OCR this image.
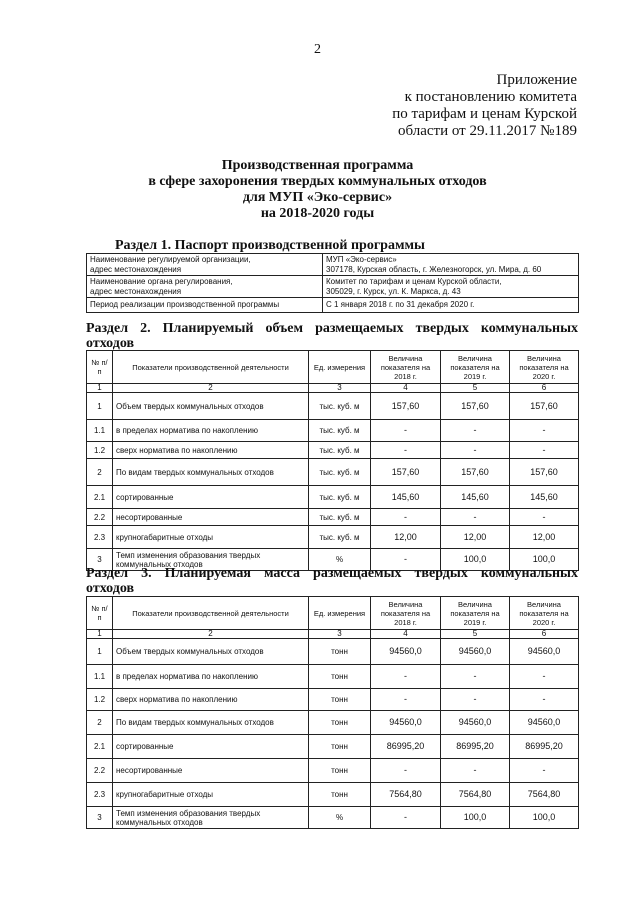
2
Приложение
к постановлению комитета
по тарифам и ценам Курской
области от 29.11.2017 №189
Производственная программа
в сфере захоронения твердых коммунальных отходов
для МУП «Эко-сервис»
на 2018-2020 годы
Раздел 1. Паспорт производственной программы
Наименование регулируемой организации,
адрес местонахождения	МУП «Эко-сервис»
307178, Курская область, г. Железногорск, ул. Мира, д. 60
Наименование органа регулирования,
адрес местонахождения	Комитет по тарифам и ценам Курской области,
305029, г. Курск, ул. К. Маркса, д. 43
Период реализации производственной программы	С 1 января 2018 г. по 31 декабря 2020 г.
Раздел 2. Планируемый объем размещаемых твердых коммунальных
отходов
№ п/п	Показатели производственной деятельности	Ед. измерения	Величина показателя на 2018 г.	Величина показателя на 2019 г.	Величина показателя на 2020 г.
1	2	3	4	5	6
1	Объем твердых коммунальных отходов	тыс. куб. м	157,60	157,60	157,60
1.1	в пределах норматива по накоплению	тыс. куб. м	-	-	-
1.2	сверх норматива по накоплению	тыс. куб. м	-	-	-
2	По видам твердых коммунальных отходов	тыс. куб. м	157,60	157,60	157,60
2.1	сортированные	тыс. куб. м	145,60	145,60	145,60
2.2	несортированные	тыс. куб. м	-	-	-
2.3	крупногабаритные отходы	тыс. куб. м	12,00	12,00	12,00
3	Темп изменения образования твердых коммунальных отходов	%	-	100,0	100,0
Раздел 3. Планируемая масса размещаемых твердых коммунальных
отходов
№ п/п	Показатели производственной деятельности	Ед. измерения	Величина показателя на 2018 г.	Величина показателя на 2019 г.	Величина показателя на 2020 г.
1	2	3	4	5	6
1	Объем твердых коммунальных отходов	тонн	94560,0	94560,0	94560,0
1.1	в пределах норматива по накоплению	тонн	-	-	-
1.2	сверх норматива по накоплению	тонн	-	-	-
2	По видам твердых коммунальных отходов	тонн	94560,0	94560,0	94560,0
2.1	сортированные	тонн	86995,20	86995,20	86995,20
2.2	несортированные	тонн	-	-	-
2.3	крупногабаритные отходы	тонн	7564,80	7564,80	7564,80
3	Темп изменения образования твердых коммунальных отходов	%	-	100,0	100,0
